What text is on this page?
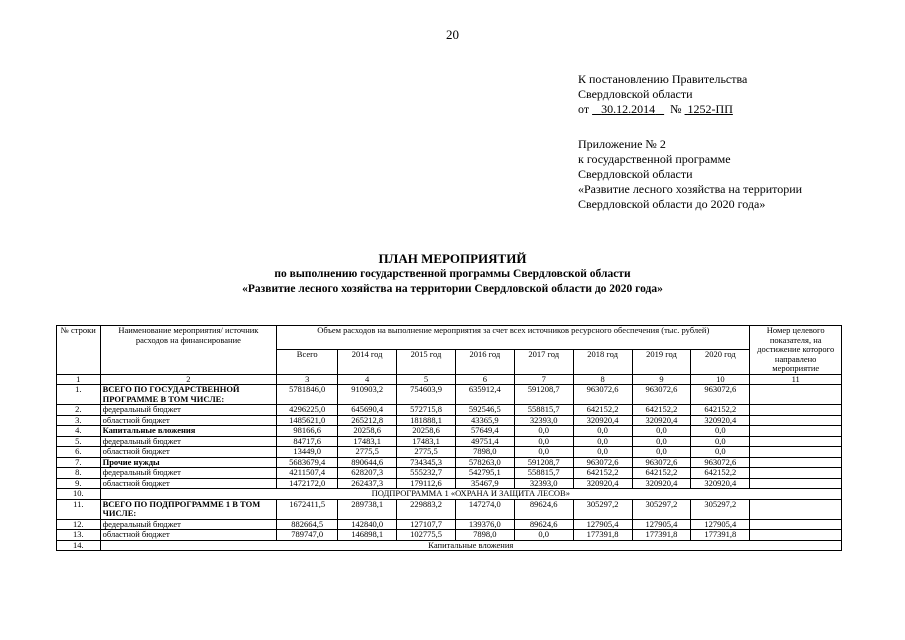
20
К постановлению Правительства
Свердловской области
от 30.12.2014 № 1252-ПП
Приложение № 2
к государственной программе
Свердловской области
«Развитие лесного хозяйства на территории
Свердловской области до 2020 года»
ПЛАН МЕРОПРИЯТИЙ
по выполнению государственной программы Свердловской области
«Развитие лесного хозяйства на территории Свердловской области до 2020 года»
№ строки	Наименование мероприятия/ источник расходов на финансирование	Объем расходов на выполнение мероприятия за счет всех источников ресурсного обеспечения (тыс. рублей)								Номер целевого показателя, на достижение которого направлено мероприятие
		Всего	2014 год	2015 год	2016 год	2017 год	2018 год	2019 год	2020 год	
1	2	3	4	5	6	7	8	9	10	11
1.	ВСЕГО ПО ГОСУДАРСТВЕННОЙ ПРОГРАММЕ В ТОМ ЧИСЛЕ:	5781846,0	910903,2	754603,9	635912,4	591208,7	963072,6	963072,6	963072,6	
2.	федеральный бюджет	4296225,0	645690,4	572715,8	592546,5	558815,7	642152,2	642152,2	642152,2	
3.	областной бюджет	1485621,0	265212,8	181888,1	43365,9	32393,0	320920,4	320920,4	320920,4	
4.	Капитальные вложения	98166,6	20258,6	20258,6	57649,4	0,0	0,0	0,0	0,0	
5.	федеральный бюджет	84717,6	17483,1	17483,1	49751,4	0,0	0,0	0,0	0,0	
6.	областной бюджет	13449,0	2775,5	2775,5	7898,0	0,0	0,0	0,0	0,0	
7.	Прочие нужды	5683679,4	890644,6	734345,3	578263,0	591208,7	963072,6	963072,6	963072,6	
8.	федеральный бюджет	4211507,4	628207,3	555232,7	542795,1	558815,7	642152,2	642152,2	642152,2	
9.	областной бюджет	1472172,0	262437,3	179112,6	35467,9	32393,0	320920,4	320920,4	320920,4	
10.	ПОДПРОГРАММА 1 «ОХРАНА И ЗАЩИТА ЛЕСОВ»									
11.	ВСЕГО ПО ПОДПРОГРАММЕ 1 В ТОМ ЧИСЛЕ:	1672411,5	289738,1	229883,2	147274,0	89624,6	305297,2	305297,2	305297,2	
12.	федеральный бюджет	882664,5	142840,0	127107,7	139376,0	89624,6	127905,4	127905,4	127905,4	
13.	областной бюджет	789747,0	146898,1	102775,5	7898,0	0,0	177391,8	177391,8	177391,8	
14.	Капитальные вложения									
